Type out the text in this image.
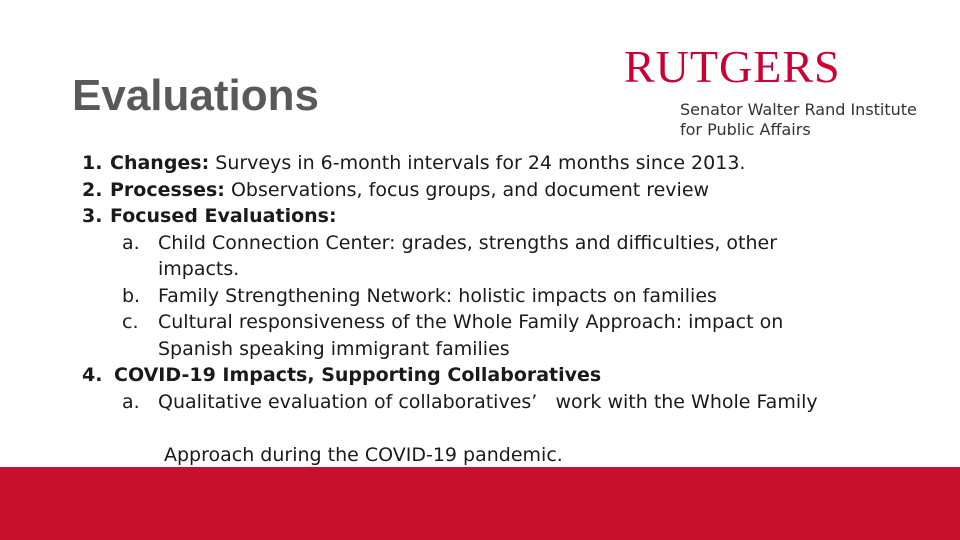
Evaluations
RUTGERS
Senator Walter Rand Institute
for Public Affairs
1. Changes: Surveys in 6-month intervals for 24 months since 2013.
2. Processes: Observations, focus groups, and document review
3. Focused Evaluations:
a. Child Connection Center: grades, strengths and difficulties, other
impacts.
b. Family Strengthening Network: holistic impacts on families
c. Cultural responsiveness of the Whole Family Approach: impact on
Spanish speaking immigrant families
4. COVID-19 Impacts, Supporting Collaboratives
a. Qualitative evaluation of collaboratives’   work with the Whole Family
Approach during the COVID-19 pandemic.
